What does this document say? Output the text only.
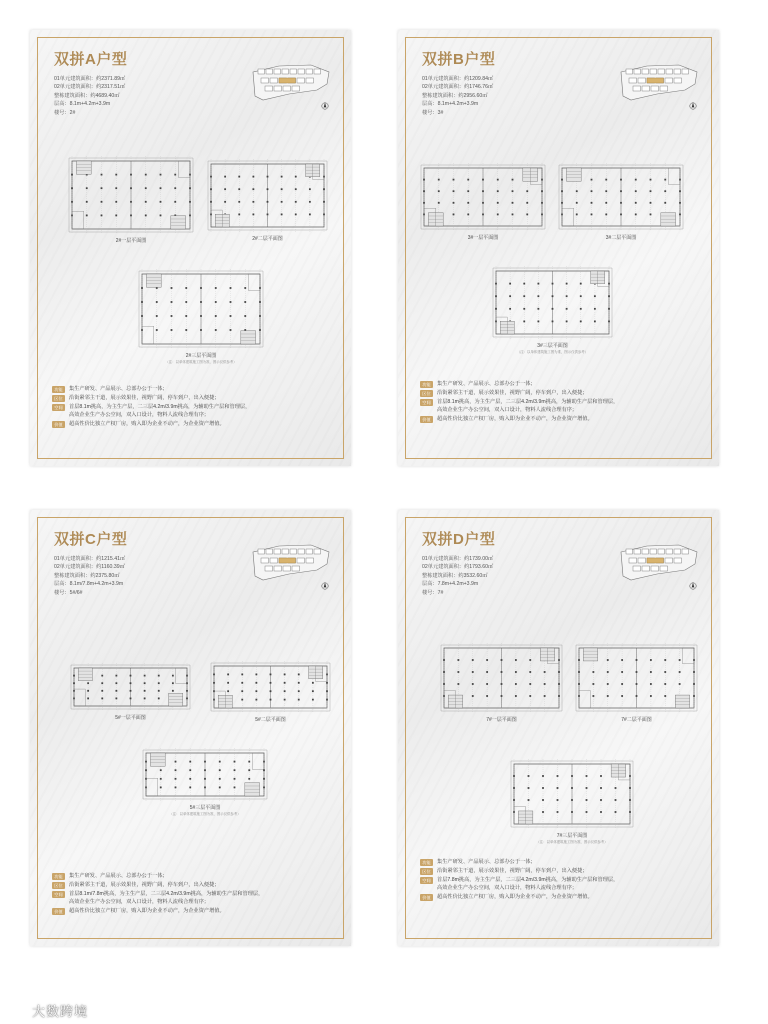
双拼A户型
01单元建筑面积：约2371.89㎡
02单元建筑面积：约2317.51㎡
整栋建筑面积：约4689.40㎡
层高：8.1m+4.2m+3.9m
楼号：2#
2#一层平面图	2#二层平面图
2#三层平面图
（注：以单体建筑施工图为准，图示仅供参考）
功能	集生产研发、产品展示、总部办公于一体；
区位	沿街紧邻主干道，展示效果佳，视野广阔，停车到户，出入便捷；
空间	首层8.1m挑高，为主生产层，二三层4.2m/3.9m挑高，为辅助生产层和管理层，
高效企业生产办公空间，双入口设计，物料人流线合理有序；
价值	超高性价比独立产权厂房，购入即为企业不动产，为企业资产增值。
双拼B户型
01单元建筑面积：约1209.84㎡
02单元建筑面积：约1746.76㎡
整栋建筑面积：约2956.60㎡
层高：8.1m+4.2m+3.9m
楼号：3#
3#一层平面图	3#二层平面图
3#三层平面图
（注：以单体建筑施工图为准，图示仅供参考）
功能	集生产研发、产品展示、总部办公于一体；
区位	沿街紧邻主干道，展示效果佳，视野广阔，停车到户，出入便捷；
空间	首层8.1m挑高，为主生产层，二三层4.2m/3.9m挑高，为辅助生产层和管理层，
高效企业生产办公空间，双入口设计，物料人流线合理有序；
价值	超高性价比独立产权厂房，购入即为企业不动产，为企业资产增值。
双拼C户型
01单元建筑面积：约1215.41㎡
02单元建筑面积：约1160.39㎡
整栋建筑面积：约2375.80㎡
层高：8.1m/7.8m+4.2m+3.9m
楼号：5#/6#
5#一层平面图	5#二层平面图
5#三层平面图
（注：以单体建筑施工图为准，图示仅供参考）
功能	集生产研发、产品展示、总部办公于一体；
区位	沿街紧邻主干道，展示效果佳，视野广阔，停车到户，出入便捷；
空间	首层8.1m/7.8m挑高，为主生产层，二三层4.2m/3.9m挑高，为辅助生产层和管理层，
高效企业生产办公空间，双入口设计，物料人流线合理有序；
价值	超高性价比独立产权厂房，购入即为企业不动产，为企业资产增值。
双拼D户型
01单元建筑面积：约1739.00㎡
02单元建筑面积：约1793.60㎡
整栋建筑面积：约3532.60㎡
层高：7.8m+4.2m+3.9m
楼号：7#
7#一层平面图	7#二层平面图
7#三层平面图
（注：以单体建筑施工图为准，图示仅供参考）
功能	集生产研发、产品展示、总部办公于一体；
区位	沿街紧邻主干道，展示效果佳，视野广阔，停车到户，出入便捷；
空间	首层7.8m挑高，为主生产层，二三层4.2m/3.9m挑高，为辅助生产层和管理层，
高效企业生产办公空间，双入口设计，物料人流线合理有序；
价值	超高性价比独立产权厂房，购入即为企业不动产，为企业资产增值。
大数跨境
